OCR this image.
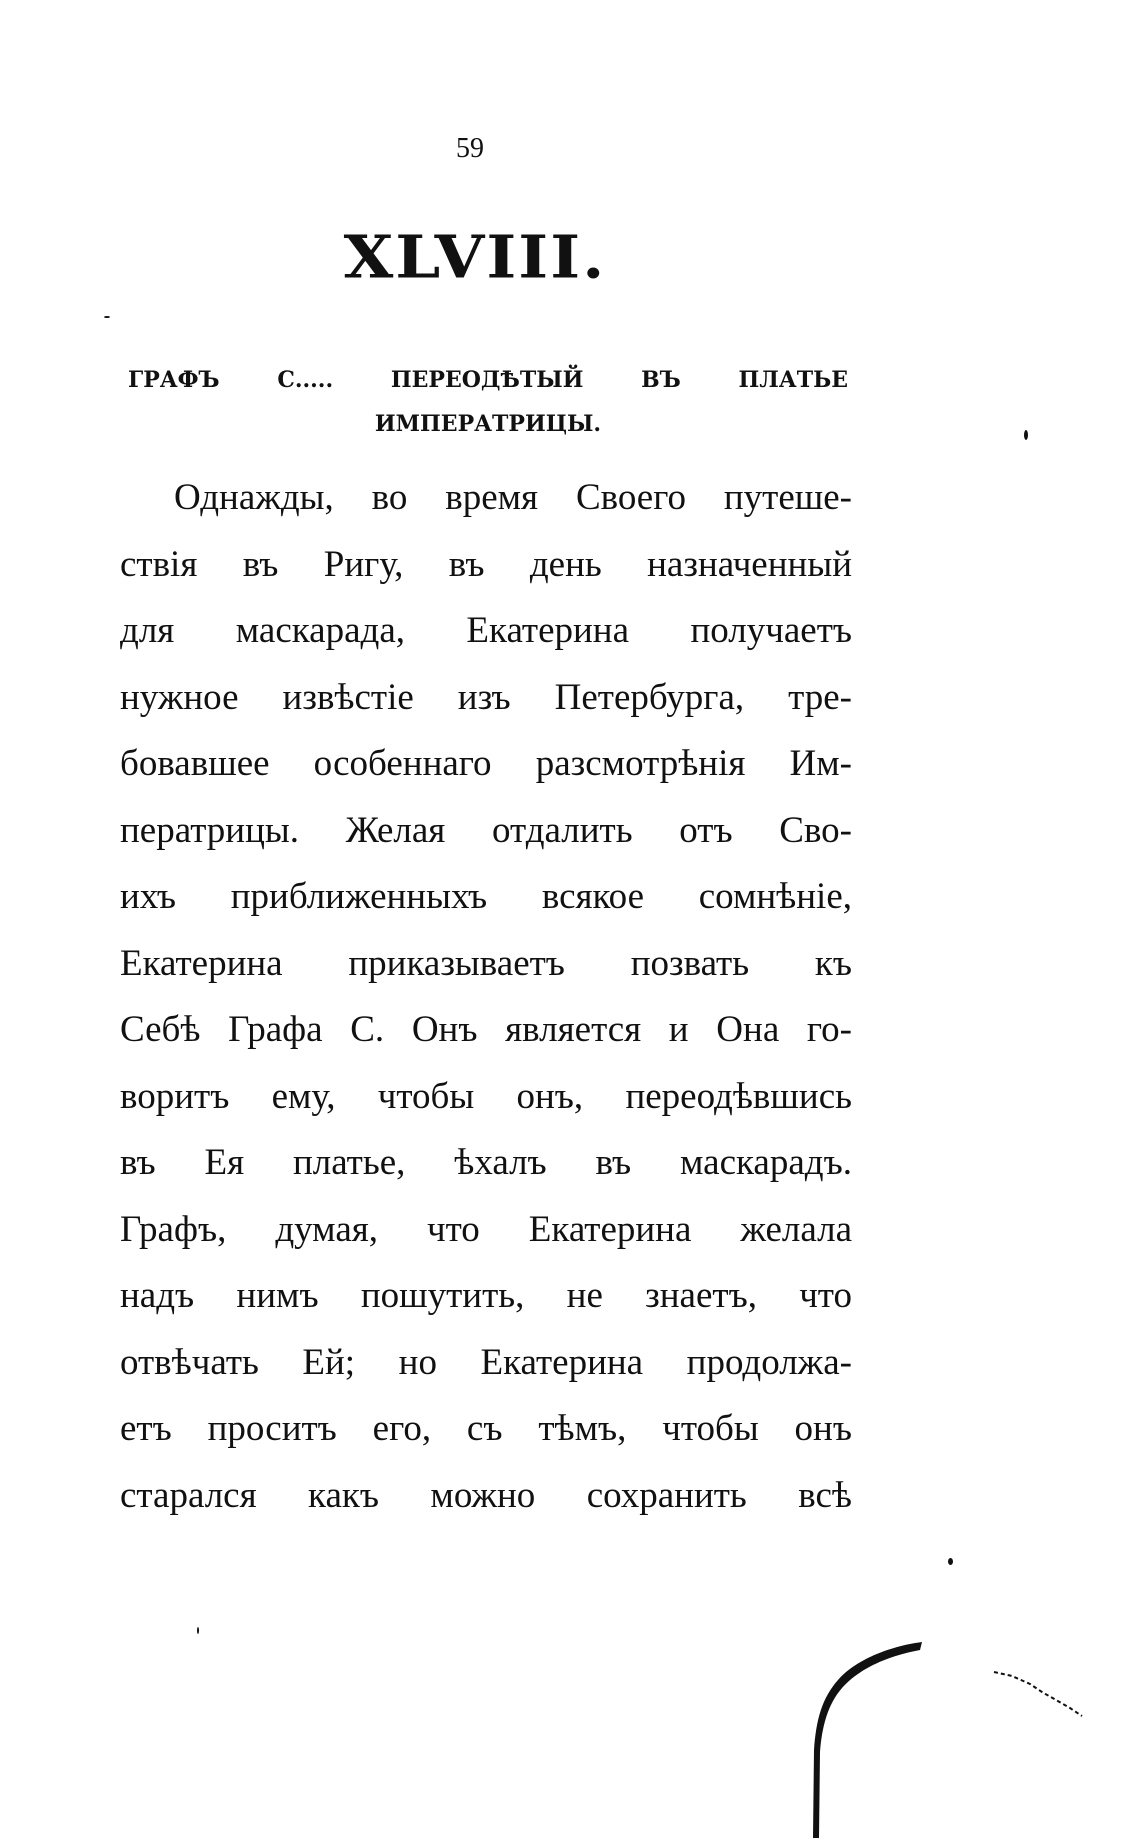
59
XLVIII.
ГРАФЪ С..... ПЕРЕОДѢТЫЙ ВЪ ПЛАТЬЕ
ИМПЕРАТРИЦЫ.
Однажды, во время Своего путеше-
ствія въ Ригу, въ день назначенный
для маскарада, Екатерина получаетъ
нужное извѣстіе изъ Петербурга, тре-
бовавшее особеннаго разсмотрѣнія Им-
ператрицы. Желая отдалить отъ Сво-
ихъ приближенныхъ всякое сомнѣніе,
Екатерина приказываетъ позвать къ
Себѣ Графа С. Онъ является и Она го-
воритъ ему, чтобы онъ, переодѣвшись
въ Ея платье, ѣхалъ въ маскарадъ.
Графъ, думая, что Екатерина желала
надъ нимъ пошутить, не знаетъ, что
отвѣчать Ей; но Екатерина продолжа-
етъ проситъ его, съ тѣмъ, чтобы онъ
старался какъ можно сохранить всѣ
